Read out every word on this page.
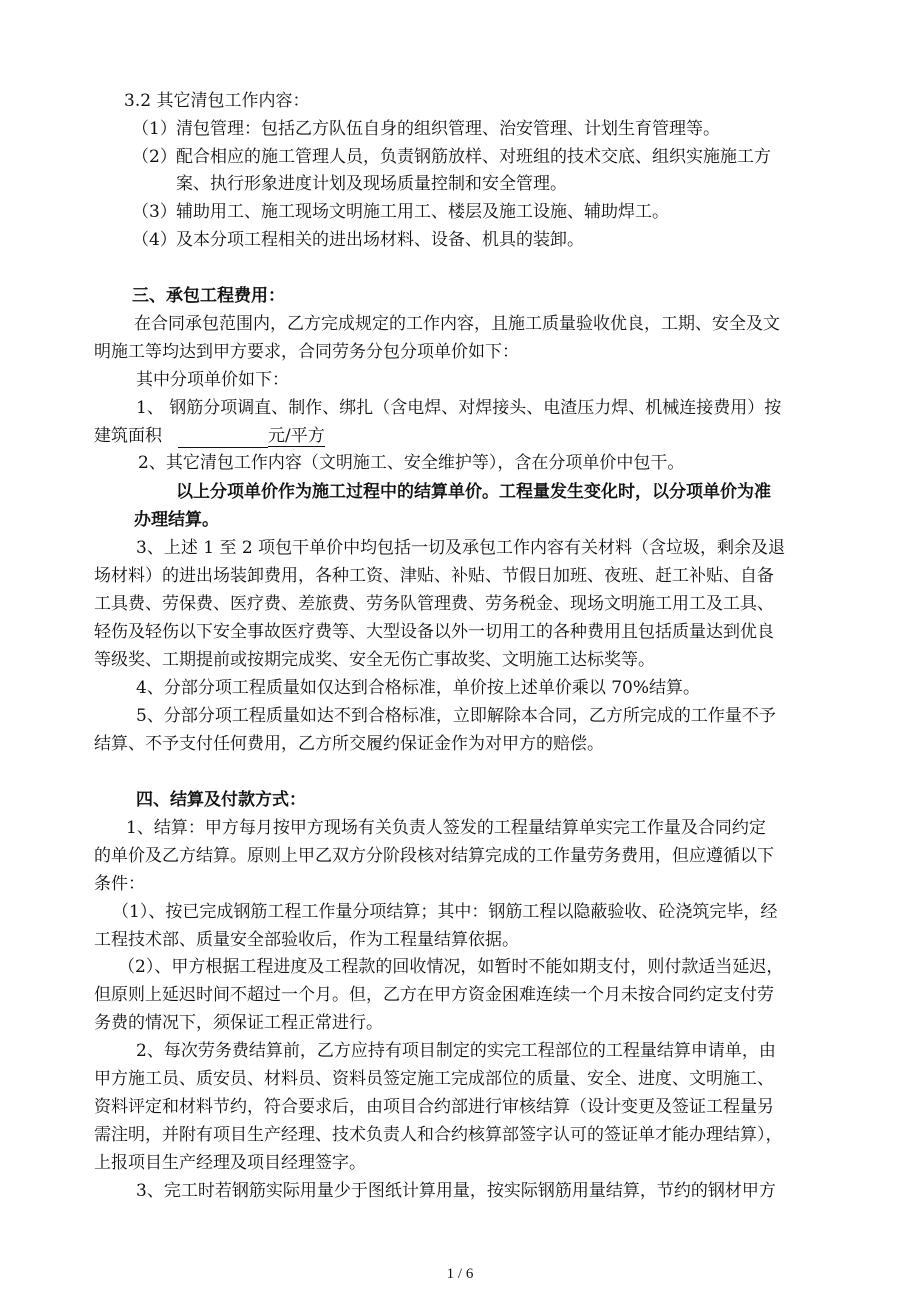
3.2 其它清包工作内容：
（1）清包管理：包括乙方队伍自身的组织管理、治安管理、计划生育管理等。
（2）配合相应的施工管理人员，负责钢筋放样、对班组的技术交底、组织实施施工方
案、执行形象进度计划及现场质量控制和安全管理。
（3）辅助用工、施工现场文明施工用工、楼层及施工设施、辅助焊工。
（4）及本分项工程相关的进出场材料、设备、机具的装卸。
三、承包工程费用：
在合同承包范围内，乙方完成规定的工作内容，且施工质量验收优良，工期、安全及文
明施工等均达到甲方要求，合同劳务分包分项单价如下：
其中分项单价如下：
1、 钢筋分项调直、制作、绑扎（含电焊、对焊接头、电渣压力焊、机械连接费用）按
建筑面积	元/平方
2、其它清包工作内容（文明施工、安全维护等），含在分项单价中包干。
以上分项单价作为施工过程中的结算单价。工程量发生变化时，以分项单价为准
办理结算。
3、上述 1 至 2 项包干单价中均包括一切及承包工作内容有关材料（含垃圾，剩余及退
场材料）的进出场装卸费用，各种工资、津贴、补贴、节假日加班、夜班、赶工补贴、自备
工具费、劳保费、医疗费、差旅费、劳务队管理费、劳务税金、现场文明施工用工及工具、
轻伤及轻伤以下安全事故医疗费等、大型设备以外一切用工的各种费用且包括质量达到优良
等级奖、工期提前或按期完成奖、安全无伤亡事故奖、文明施工达标奖等。
4、分部分项工程质量如仅达到合格标准，单价按上述单价乘以 70%结算。
5、分部分项工程质量如达不到合格标准，立即解除本合同，乙方所完成的工作量不予
结算、不予支付任何费用，乙方所交履约保证金作为对甲方的赔偿。
四、结算及付款方式：
1、结算：甲方每月按甲方现场有关负责人签发的工程量结算单实完工作量及合同约定
的单价及乙方结算。原则上甲乙双方分阶段核对结算完成的工作量劳务费用，但应遵循以下
条件：
（1）、按已完成钢筋工程工作量分项结算；其中：钢筋工程以隐蔽验收、砼浇筑完毕，经
工程技术部、质量安全部验收后，作为工程量结算依据。
（2）、甲方根据工程进度及工程款的回收情况，如暂时不能如期支付，则付款适当延迟，
但原则上延迟时间不超过一个月。但，乙方在甲方资金困难连续一个月未按合同约定支付劳
务费的情况下，须保证工程正常进行。
2、每次劳务费结算前，乙方应持有项目制定的实完工程部位的工程量结算申请单，由
甲方施工员、质安员、材料员、资料员签定施工完成部位的质量、安全、进度、文明施工、
资料评定和材料节约，符合要求后，由项目合约部进行审核结算（设计变更及签证工程量另
需注明，并附有项目生产经理、技术负责人和合约核算部签字认可的签证单才能办理结算），
上报项目生产经理及项目经理签字。
3、完工时若钢筋实际用量少于图纸计算用量，按实际钢筋用量结算，节约的钢材甲方
1 / 6
